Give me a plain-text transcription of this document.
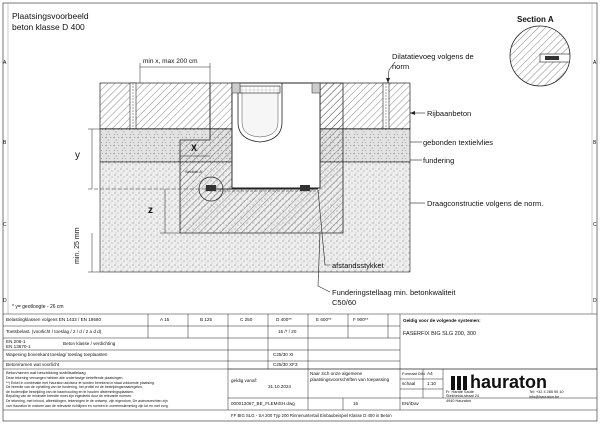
A
B
C
D
A
B
C
D
Plaatsingsvoorbeeld
beton klasse D 400
Section A
min x, max 200 cm
X
y
z
min. 25 mm
Section A
* y= geotloogte - 26 cm
Dilatatievoeg volgens de
norm
Rijbaanbeton
gebonden textielvlies
fundering
Draagconstructie volgens de norm.
afstandsstykket
Funderingstellaag min. betonkwaliteit
C50/60
Belastingklassen volgens EN 1433 / EN 19580	A 15	B 125	C 250	D 400**	E 600**	F 900**
Toetsbelast. (voorlicht / toeslag / 2 / d / 2 a d d)	15 /* / 20
EN 206-1
EN 13670-1
Beton klasse / verdichting
Wapening bovenkant toeslag/ toeslag toeplaasten	C25/30 XI
Beton/ramen wat voorlicht	C25/30 XF3
Beton/ramen wat beschikking stabilisatielaag
Deze tekening vervangen hebben alle onderhavige betreffende plaatsingen.
**) Enkel in combinatie met Hauraton adviseur te worden berekend in staat voldoende plaatsing.
De breedte van de ophelling van de fundering, het profiel en de bestrijdingsmaatregelen,
de bodemrijke bestrijding van de baanhouding en te houden afstemmingsplaatsen.
Bepaling van de minimale breedte moet zijn ingedeeld door de relevante normen.
De tekening, met inhoud, afbeeldingen, tekeningen te de ontwerp, zijn eigendom, De auteursrechten zijn
van Hauraton te voldoen aan de relevante richtlijnen en normen in overeenstemming zijn tot en met zorg.
Geldig voor de volgende systemen:
FASERFIX BIG SLG 200, 300
Naar zich onze algemene
plaatsingsvoorschriften van toepassing
geldig vanaf:
31.10.2024
000012067_BE_FLEMISH.dwg	15
Formaat DIN A4
schaal	1:10
EN/iDav
Fr. Haraté Sauté
Stekhelda-straat 24
4940 Hauraton
Tel: +32 4 285 95 10
info@hauraton.be
FF BIG SLG - SA 200 Typ 200 Rinnenuntertail Einbaubeispiel Klasse D 400 in Beton
hauraton
